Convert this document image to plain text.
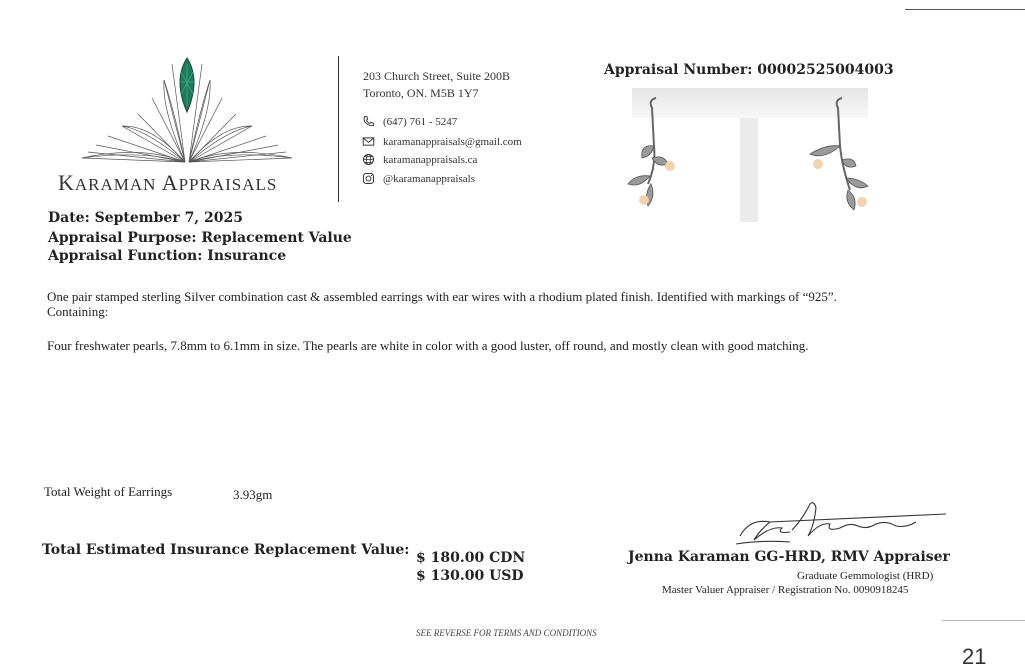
KARAMAN APPRAISALS
203 Church Street, Suite 200B
Toronto, ON. M5B 1Y7
(647) 761 - 5247
karamanappraisals@gmail.com
karamanappraisals.ca
@karamanappraisals
Appraisal Number: 00002525004003
Date: September 7, 2025
Appraisal Purpose: Replacement Value
Appraisal Function: Insurance
One pair stamped sterling Silver combination cast & assembled earrings with ear wires with a rhodium plated finish. Identified with markings of “925”.
Containing:
Four freshwater pearls, 7.8mm to 6.1mm in size. The pearls are white in color with a good luster, off round, and mostly clean with good matching.
Total Weight of Earrings	3.93gm
Total Estimated Insurance Replacement Value: $ 180.00 CDN
$ 130.00 USD
Jenna Karaman GG-HRD, RMV Appraiser
Graduate Gemmologist (HRD)
Master Valuer Appraiser / Registration No. 0090918245
SEE REVERSE FOR TERMS AND CONDITIONS
21
